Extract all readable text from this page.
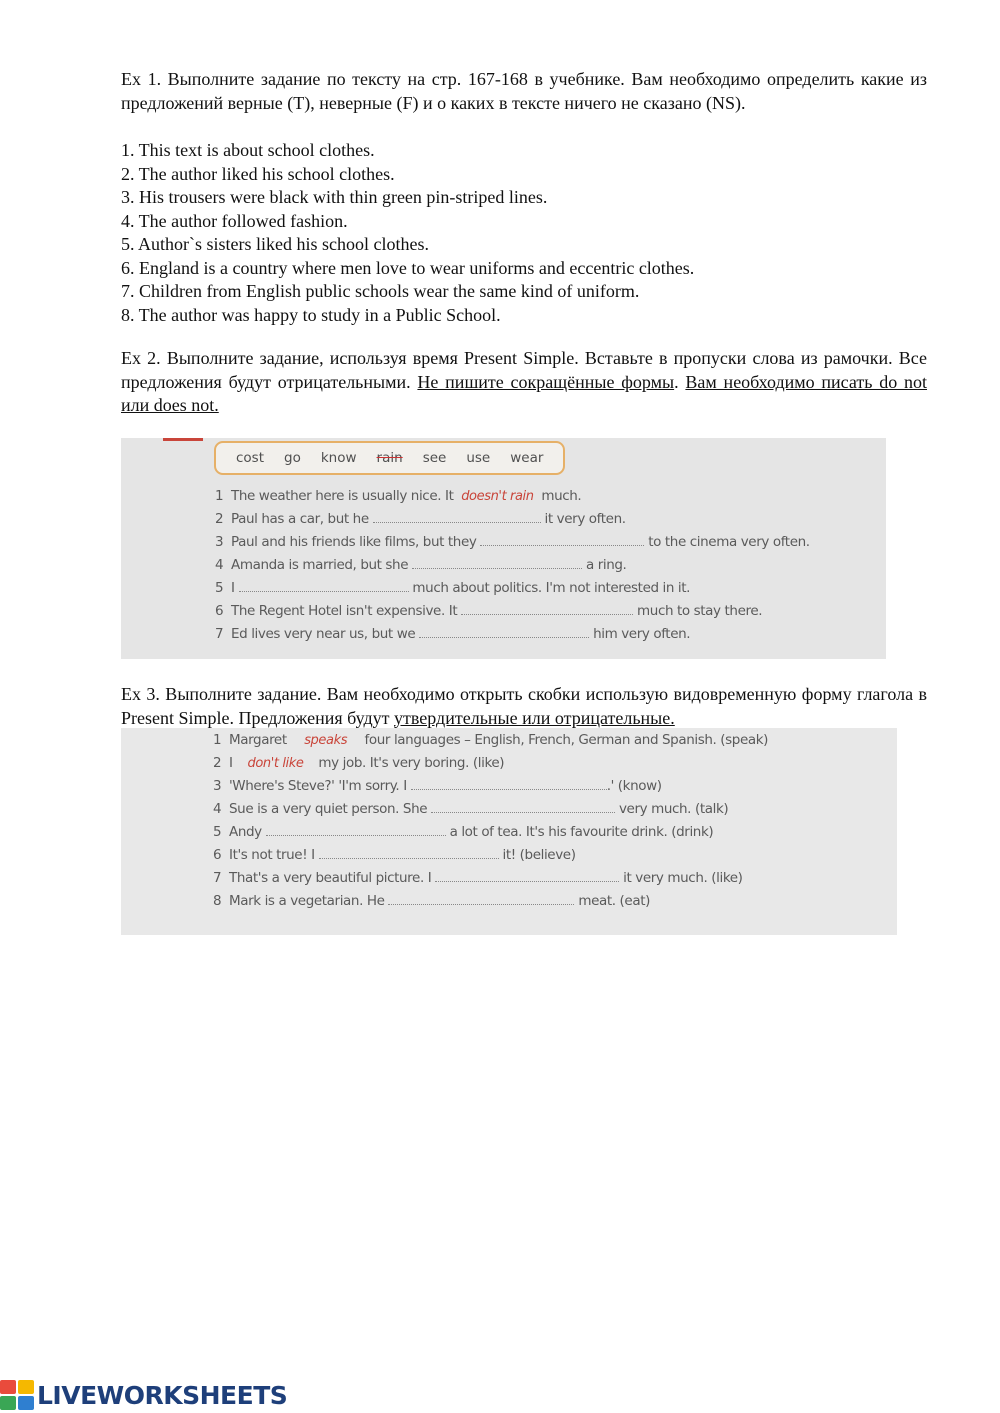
Ex 1. Выполните задание по тексту на стр. 167-168 в учебнике. Вам необходимо определить какие из предложений верные (T), неверные (F) и о каких в тексте ничего не сказано (NS).
1. This text is about school clothes.
2. The author liked his school clothes.
3. His trousers were black with thin green pin-striped lines.
4. The author followed fashion.
5. Author`s sisters liked his school clothes.
6. England is a country where men love to wear uniforms and eccentric clothes.
7. Children from English public schools wear the same kind of uniform.
8. The author was happy to study in a Public School.
Ex 2. Выполните задание, используя время Present Simple. Вставьте в пропуски слова из рамочки. Все предложения будут отрицательными. Не пишите сокращённые формы. Вам необходимо писать do not или does not.
cost go know rain see use wear
1 The weather here is usually nice. It doesn't rain much.
2 Paul has a car, but he	it very often.
3 Paul and his friends like films, but they	to the cinema very often.
4 Amanda is married, but she	a ring.
5 I	much about politics. I'm not interested in it.
6 The Regent Hotel isn't expensive. It	much to stay there.
7 Ed lives very near us, but we	him very often.
Ex 3. Выполните задание. Вам необходимо открыть скобки использую видовременную форму глагола в Present Simple. Предложения будут утвердительные или отрицательные.
1 Margaret speaks four languages – English, French, German and Spanish. (speak)
2 I don't like my job. It's very boring. (like)
3 'Where's Steve?' 'I'm sorry. I	.' (know)
4 Sue is a very quiet person. She	very much. (talk)
5 Andy	a lot of tea. It's his favourite drink. (drink)
6 It's not true! I	it! (believe)
7 That's a very beautiful picture. I	it very much. (like)
8 Mark is a vegetarian. He	meat. (eat)
LIVEWORKSHEETS
